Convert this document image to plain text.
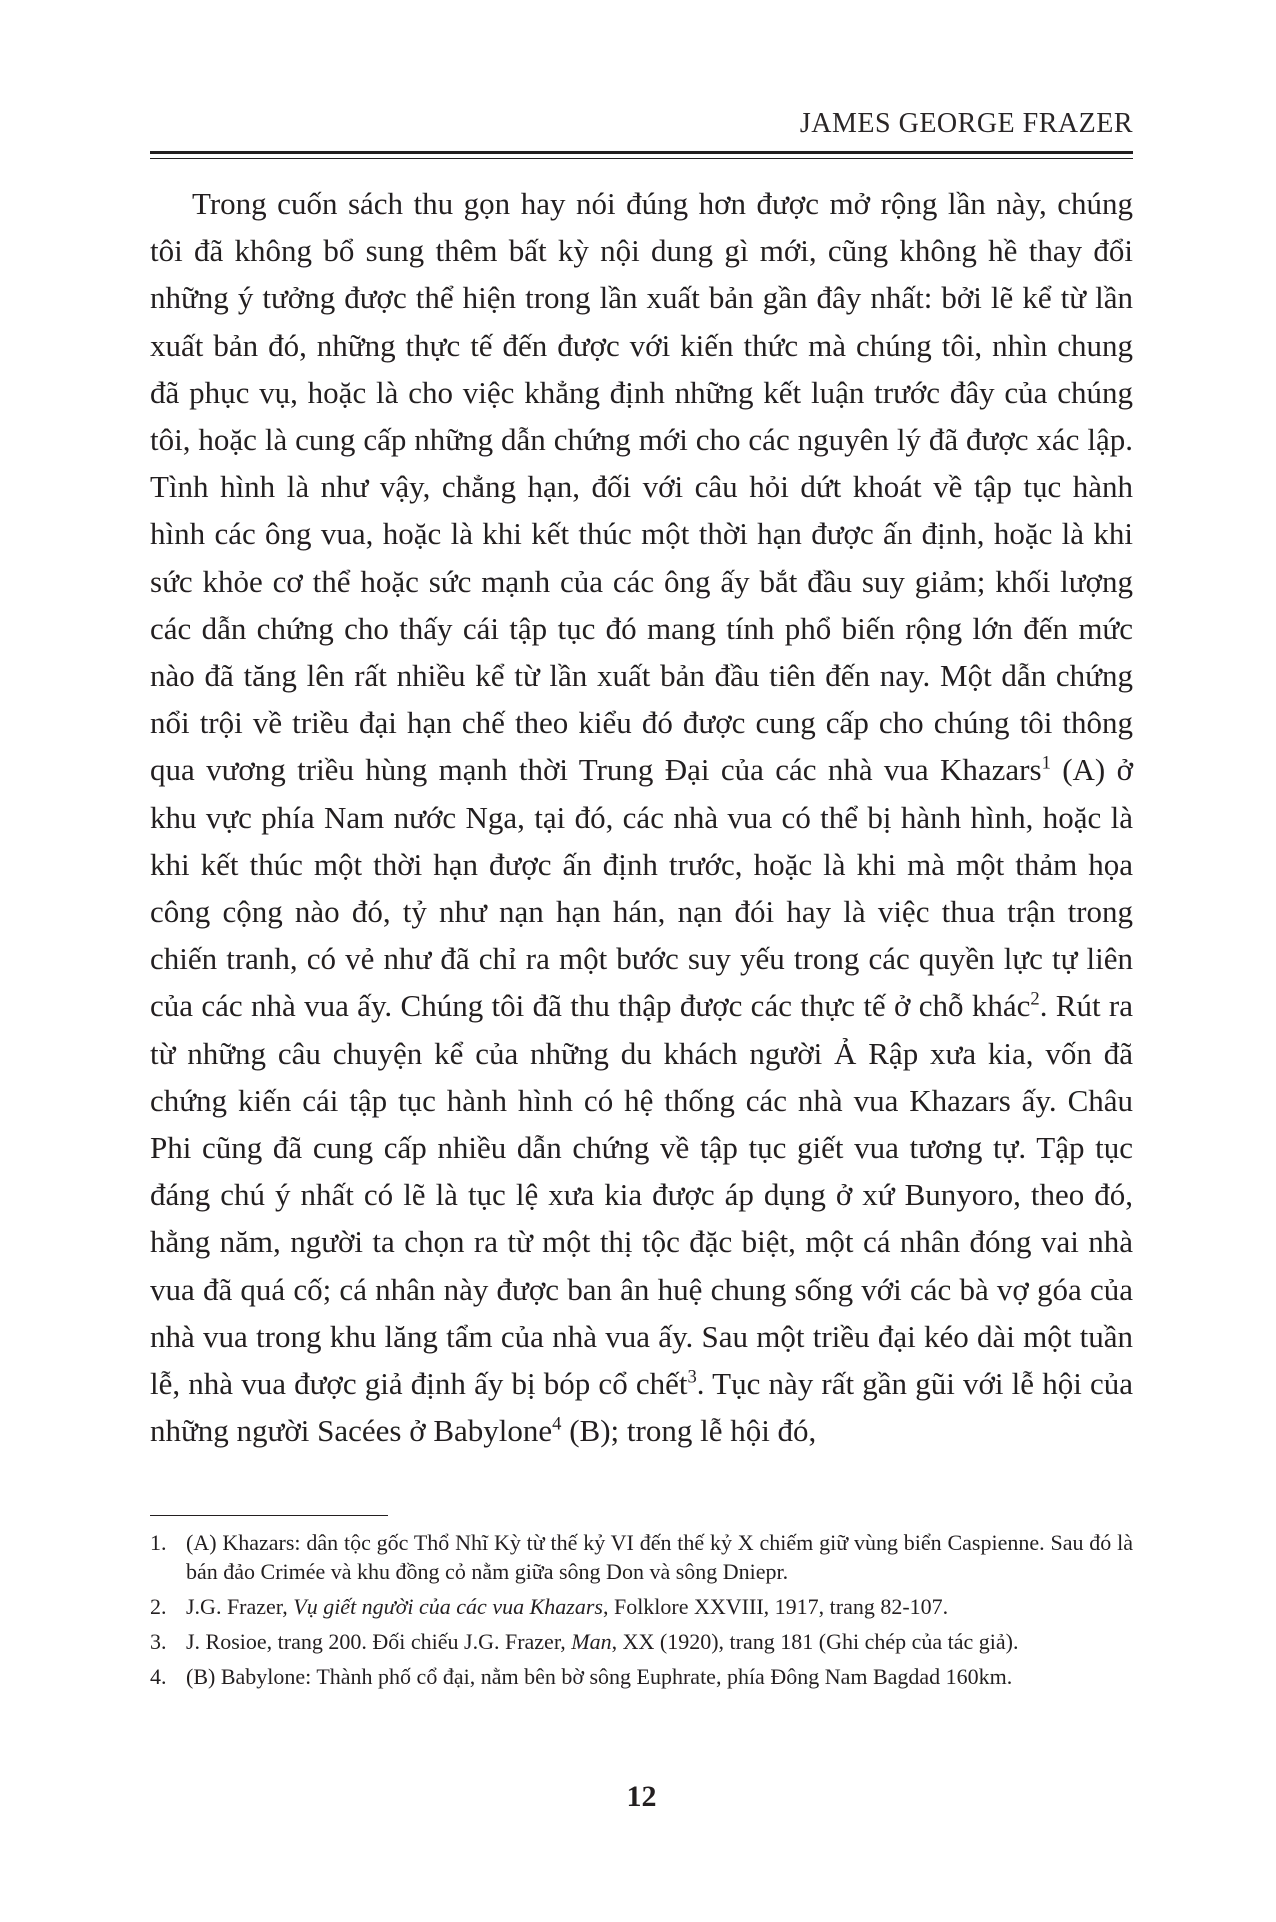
JAMES GEORGE FRAZER

Trong cuốn sách thu gọn hay nói đúng hơn được mở rộng lần này, chúng tôi đã không bổ sung thêm bất kỳ nội dung gì mới, cũng không hề thay đổi những ý tưởng được thể hiện trong lần xuất bản gần đây nhất: bởi lẽ kể từ lần xuất bản đó, những thực tế đến được với kiến thức mà chúng tôi, nhìn chung đã phục vụ, hoặc là cho việc khẳng định những kết luận trước đây của chúng tôi, hoặc là cung cấp những dẫn chứng mới cho các nguyên lý đã được xác lập. Tình hình là như vậy, chẳng hạn, đối với câu hỏi dứt khoát về tập tục hành hình các ông vua, hoặc là khi kết thúc một thời hạn được ấn định, hoặc là khi sức khỏe cơ thể hoặc sức mạnh của các ông ấy bắt đầu suy giảm; khối lượng các dẫn chứng cho thấy cái tập tục đó mang tính phổ biến rộng lớn đến mức nào đã tăng lên rất nhiều kể từ lần xuất bản đầu tiên đến nay. Một dẫn chứng nổi trội về triều đại hạn chế theo kiểu đó được cung cấp cho chúng tôi thông qua vương triều hùng mạnh thời Trung Đại của các nhà vua Khazars$^1$ (A) ở khu vực phía Nam nước Nga, tại đó, các nhà vua có thể bị hành hình, hoặc là khi kết thúc một thời hạn được ấn định trước, hoặc là khi mà một thảm họa công cộng nào đó, tỷ như nạn hạn hán, nạn đói hay là việc thua trận trong chiến tranh, có vẻ như đã chỉ ra một bước suy yếu trong các quyền lực tự liên của các nhà vua ấy. Chúng tôi đã thu thập được các thực tế ở chỗ khác$^2$. Rút ra từ những câu chuyện kể của những du khách người Ả Rập xưa kia, vốn đã chứng kiến cái tập tục hành hình có hệ thống các nhà vua Khazars ấy. Châu Phi cũng đã cung cấp nhiều dẫn chứng về tập tục giết vua tương tự. Tập tục đáng chú ý nhất có lẽ là tục lệ xưa kia được áp dụng ở xứ Bunyoro, theo đó, hằng năm, người ta chọn ra từ một thị tộc đặc biệt, một cá nhân đóng vai nhà vua đã quá cố; cá nhân này được ban ân huệ chung sống với các bà vợ góa của nhà vua trong khu lăng tẩm của nhà vua ấy. Sau một triều đại kéo dài một tuần lễ, nhà vua được giả định ấy bị bóp cổ chết$^3$. Tục này rất gần gũi với lễ hội của những người Sacées ở Babylone$^4$ (B); trong lễ hội đó,

1. (A) Khazars: dân tộc gốc Thổ Nhĩ Kỳ từ thế kỷ VI đến thế kỷ X chiếm giữ vùng biển Caspienne. Sau đó là bán đảo Crimée và khu đồng cỏ nằm giữa sông Don và sông Dniepr.
2. J.G. Frazer, Vụ giết người của các vua Khazars, Folklore XXVIII, 1917, trang 82-107.
3. J. Rosioe, trang 200. Đối chiếu J.G. Frazer, Man, XX (1920), trang 181 (Ghi chép của tác giả).
4. (B) Babylone: Thành phố cổ đại, nằm bên bờ sông Euphrate, phía Đông Nam Bagdad 160km.
12
